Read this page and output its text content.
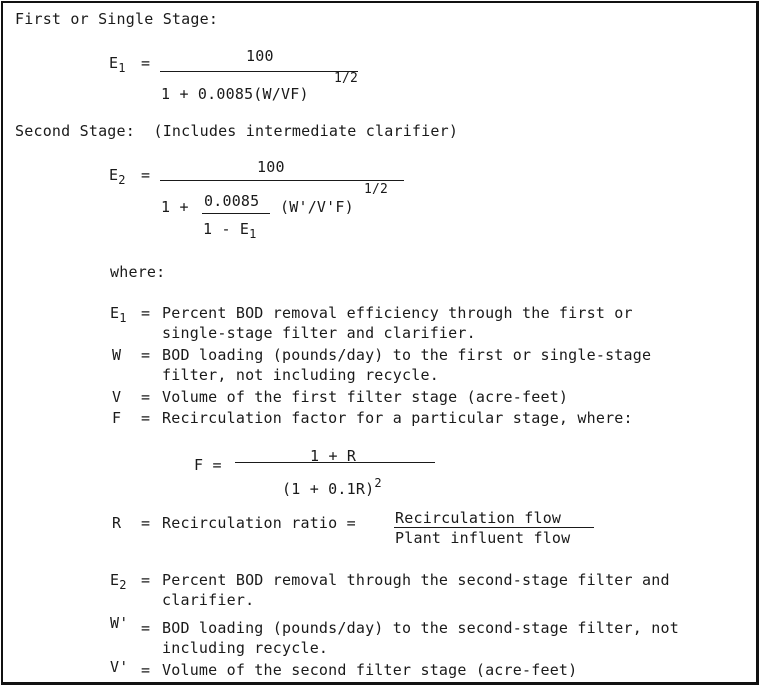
First or Single Stage:
$E_1$ =	100
1 + 0.0085(W/VF)
1/2
Second Stage:  (Includes intermediate clarifier)
$E_2$ =	100
1 + 0.0085
$1 - E_1$
(W'/V'F)
1/2
where:
$E_1$ = Percent BOD removal efficiency through the first or
single-stage filter and clarifier.
W = BOD loading (pounds/day) to the first or single-stage
filter, not including recycle.
V = Volume of the first filter stage (acre-feet)
F = Recirculation factor for a particular stage, where:
F =	1 + R
$(1 + 0.1R)^2$
R = Recirculation ratio =	Recirculation flow
Plant influent flow
$E_2$ = Percent BOD removal through the second-stage filter and
clarifier.
W' = BOD loading (pounds/day) to the second-stage filter, not
including recycle.
V' = Volume of the second filter stage (acre-feet)
